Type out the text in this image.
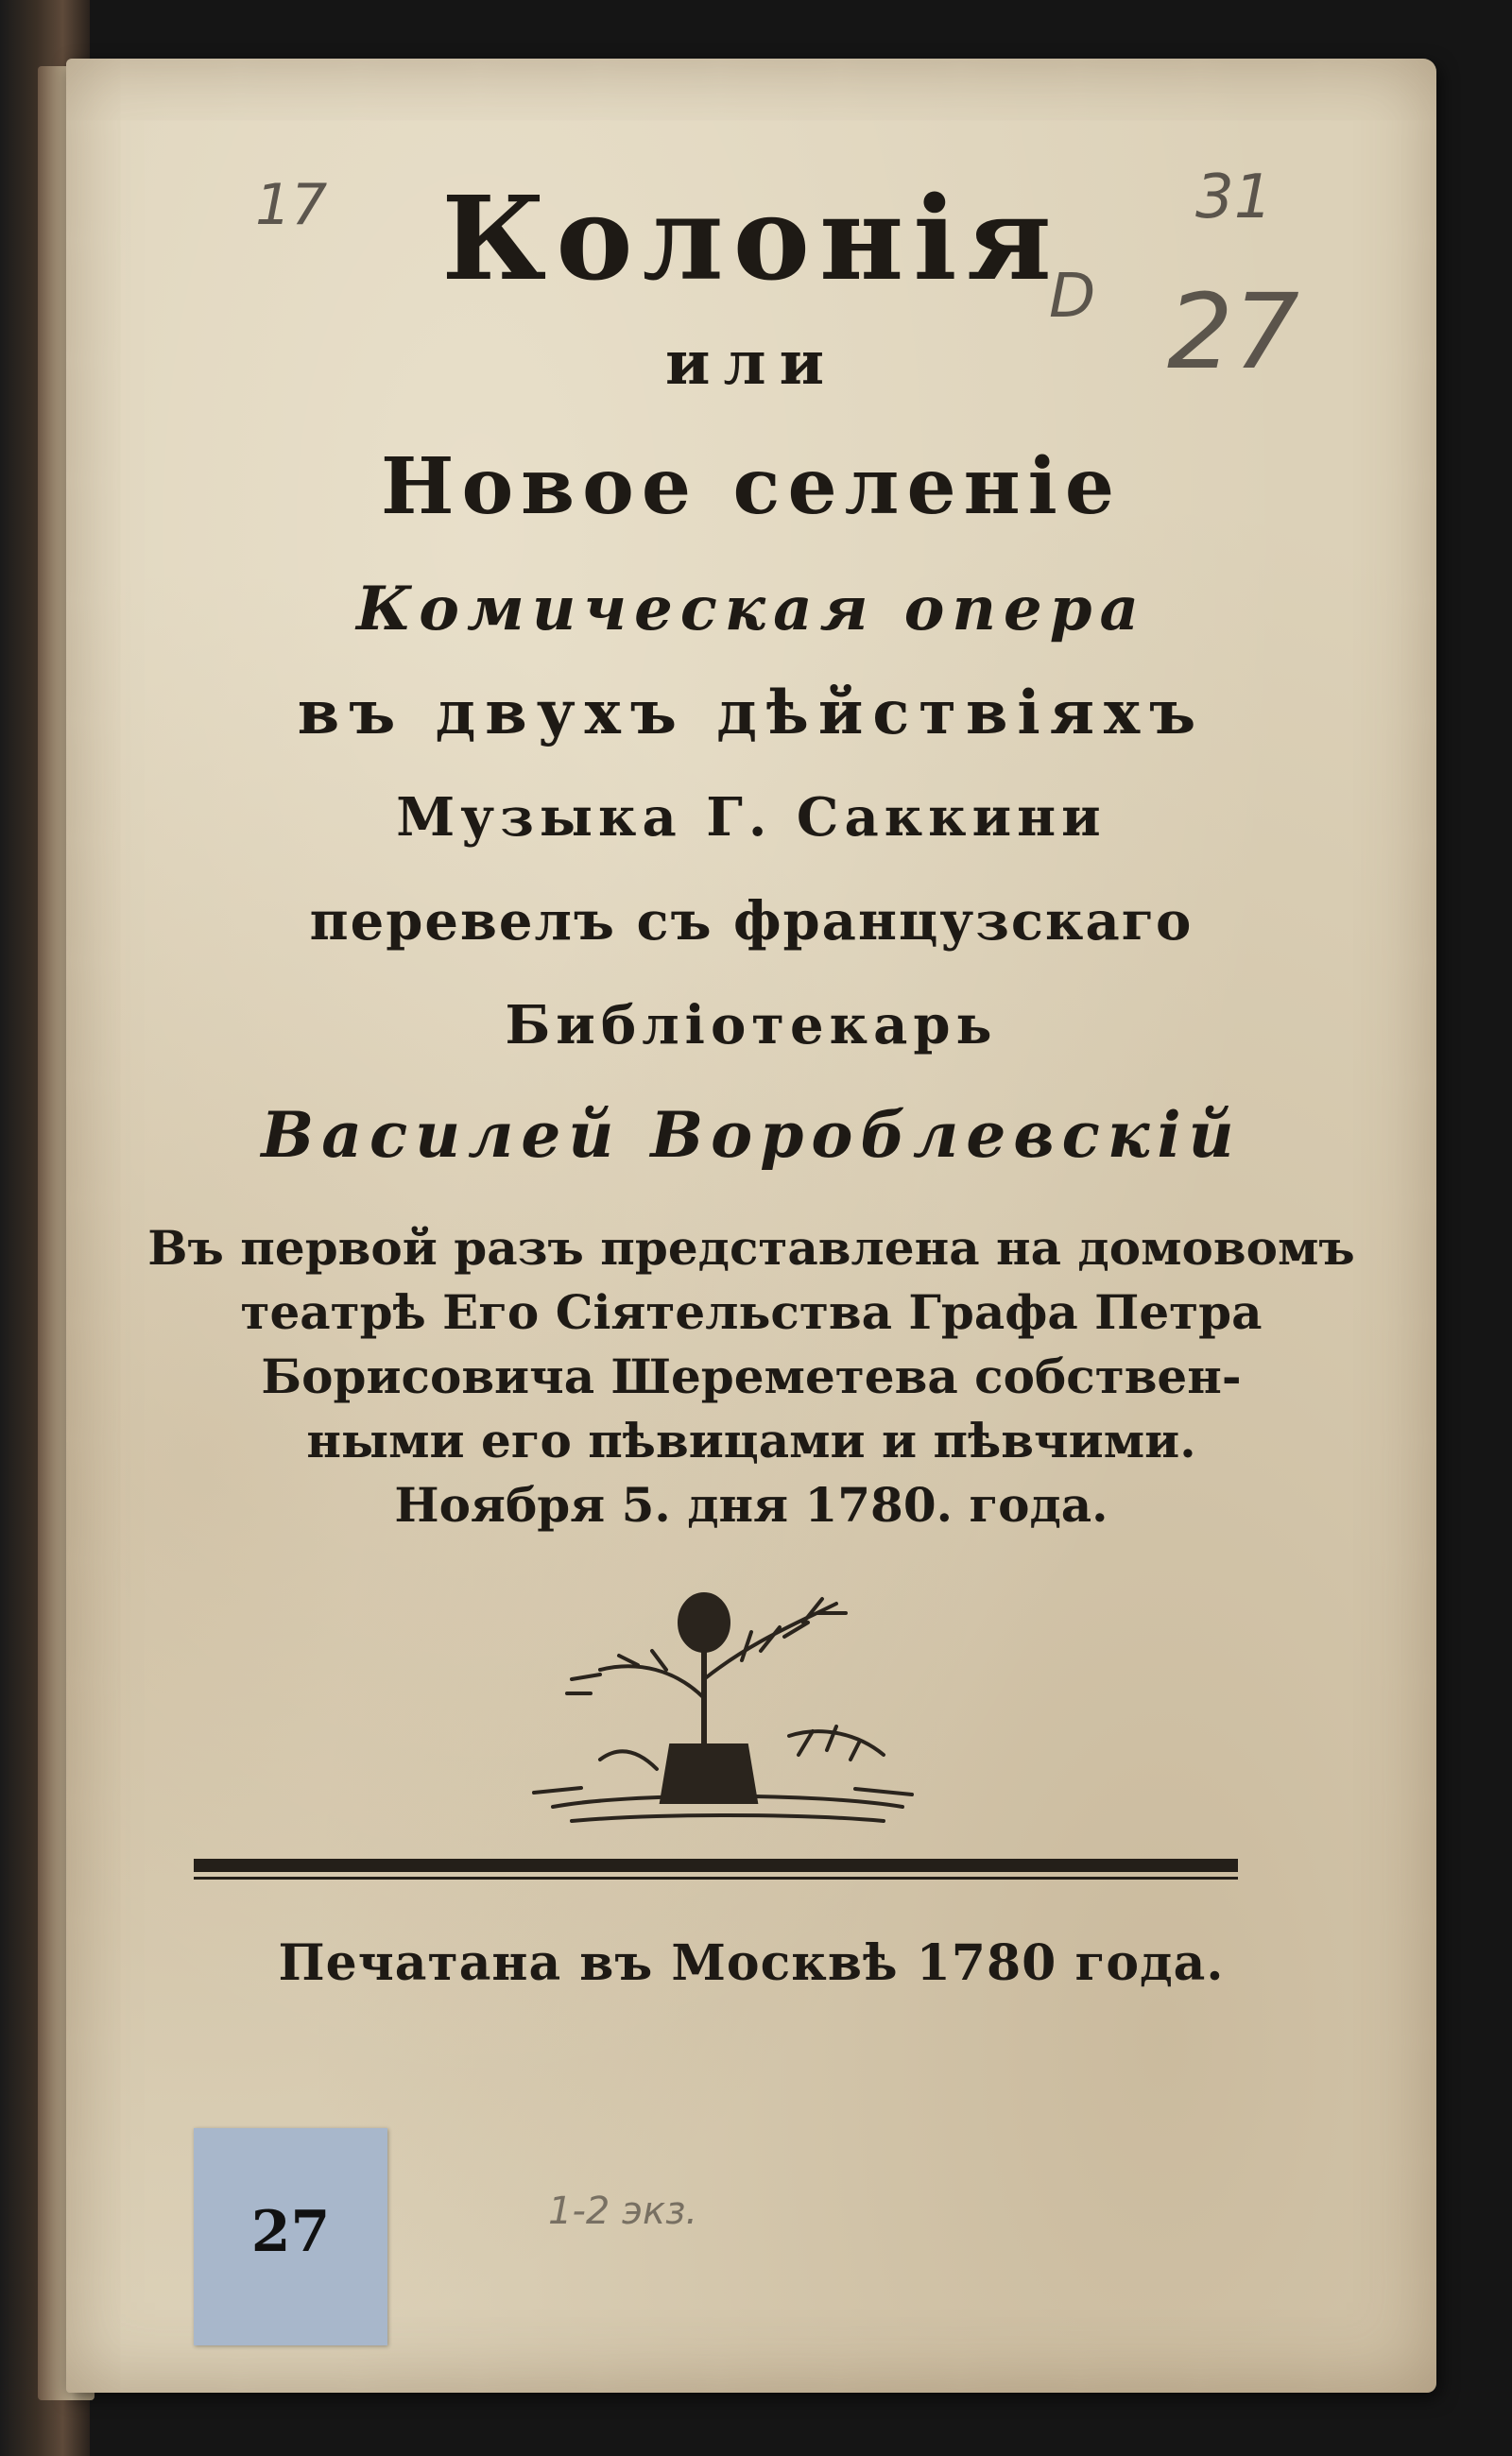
17	31
D 27
Колонія
или
Новое селеніе
Комическая опера
въ двухъ дѣйствіяхъ
Музыка Г. Саккини
перевелъ съ французскаго
Библіотекарь
Василей Вороблевскій
Въ первой разъ представлена на домовомъ
театрѣ Его Сіятельства Графа Петра
Борисовича Шереметева собствен-
ными его пѣвицами и пѣвчими.
Ноября 5. дня 1780. года.
Печатана въ Москвѣ 1780 года.
27	1-2 экз.
